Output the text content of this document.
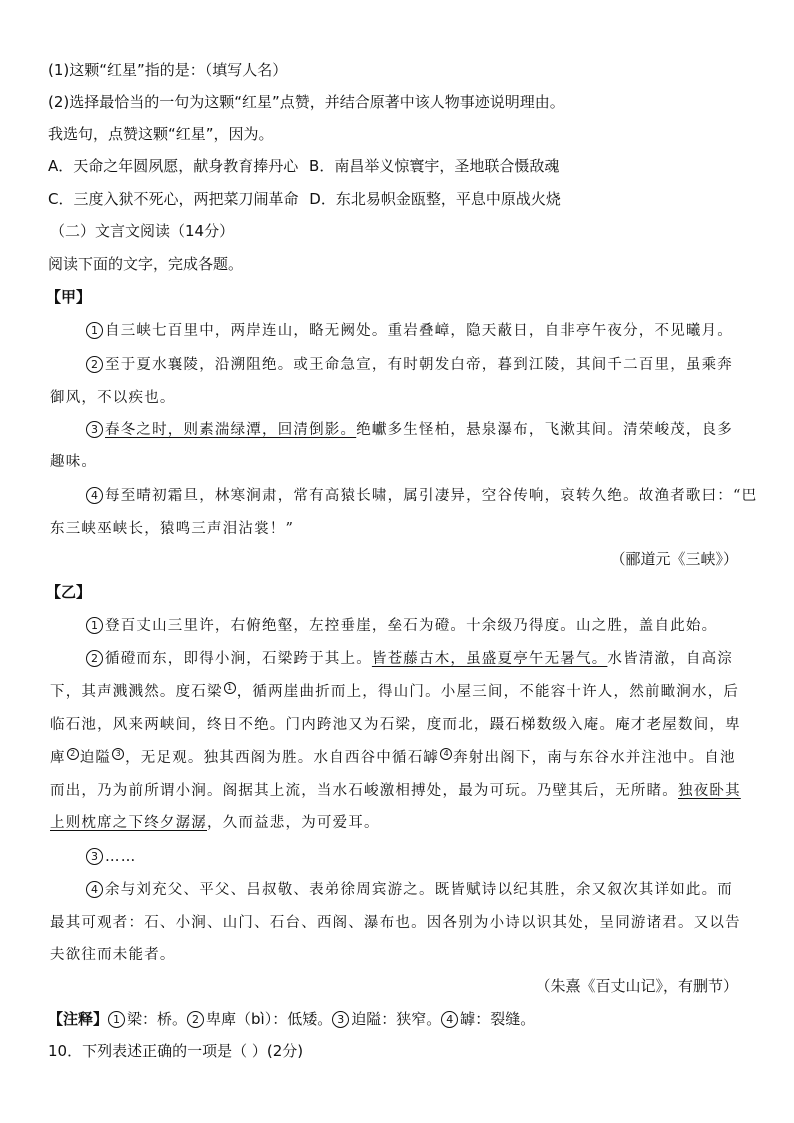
(1)这颗“红星”指的是：（填写人名）
(2)选择最恰当的一句为这颗“红星”点赞，并结合原著中该人物事迹说明理由。
我选句，点赞这颗“红星”，因为。
A．天命之年圆夙愿，献身教育捧丹心 B．南昌举义惊寰宇，圣地联合慑敌魂
C．三度入狱不死心，两把菜刀闹革命 D．东北易帜金瓯整，平息中原战火烧
（二）文言文阅读（14分）
阅读下面的文字，完成各题。
【甲】
1 自三峡七百里中，两岸连山，略无阙处。重岩叠嶂，隐天蔽日，自非亭午夜分，不见曦月。
2 至于夏水襄陵，沿溯阻绝。或王命急宣，有时朝发白帝，暮到江陵，其间千二百里，虽乘奔
御风，不以疾也。
3 春冬之时，则素湍绿潭，回清倒影。绝巘多生怪柏，悬泉瀑布，飞漱其间。清荣峻茂，良多
趣味。
4 每至晴初霜旦，林寒涧肃，常有高猿长啸，属引凄异，空谷传响，哀转久绝。故渔者歌曰：“巴
东三峡巫峡长，猿鸣三声泪沾裳！”
（郦道元《三峡》）
【乙】
1 登百丈山三里许，右俯绝壑，左控垂崖，垒石为磴。十余级乃得度。山之胜，盖自此始。
2 循磴而东，即得小涧，石梁跨于其上。皆苍藤古木，虽盛夏亭午无暑气。水皆清澈，自高淙
下，其声溅溅然。度石梁 1 ，循两崖曲折而上，得山门。小屋三间，不能容十许人，然前瞰涧水，后
临石池，风来两峡间，终日不绝。门内跨池又为石梁，度而北，蹑石梯数级入庵。庵才老屋数间，卑
庳 2 迫隘 3 ，无足观。独其西阁为胜。水自西谷中循石罅 4 奔射出阁下，南与东谷水并注池中。自池
而出，乃为前所谓小涧。阁据其上流，当水石峻激相搏处，最为可玩。乃壁其后，无所睹。独夜卧其
上则枕席之下终夕潺潺，久而益悲，为可爱耳。
3 ……
4 余与刘充父、平父、吕叔敬、表弟徐周宾游之。既皆赋诗以纪其胜，余又叙次其详如此。而
最其可观者：石、小涧、山门、石台、西阁、瀑布也。因各别为小诗以识其处，呈同游诸君。又以告
夫欲往而未能者。
（朱熹《百丈山记》，有删节）
【注释】 1 梁：桥。 2 卑庳（bì）：低矮。 3 迫隘：狭窄。 4 罅：裂缝。
10．下列表述正确的一项是（ ）(2分)
